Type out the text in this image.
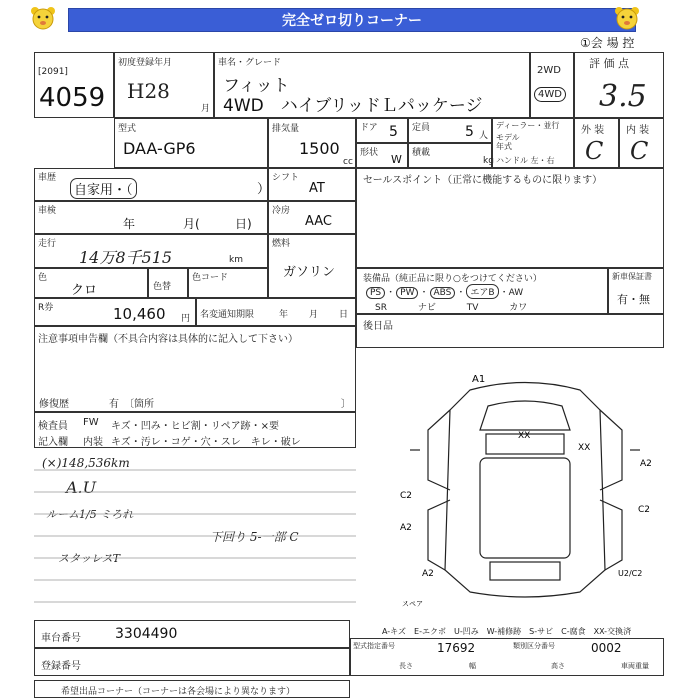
完全ゼロ切りコーナー
①会 場 控
[2091]
4059
初度登録年月
H28
月
車名・グレード
フィット
4WD　ハイブリッドＬパッケージ
2WD
4WD
評 価 点
3.5
型式
DAA-GP6
排気量
1500
cc
ドア 5 定員 5 人
形状 W 積載
kg
ディーラー・並行
モデル年式
ハンドル 左・右
外 装
C
内 装
C
車歴
自家用・（	）
シフト
AT
セールスポイント（正常に機能するものに限ります）
車検
年	月(	日)
冷房
AAC
走行
14万8千515	km
燃料
ガソリン
色
クロ	色替
色コード	装備品（純正品に限り○をつけてください）
PS ・ PW ・ ABS ・ エアB ・AW
SR	ナビ	TV	カワ
新車保証書
有・無
R券	10,460 円 名変通知期限	年 月 日
後日品
注意事項申告欄（不具合内容は具体的に記入して下さい）
修復歴	有　〔箇所	〕
検査員 FW キズ・凹み・ヒビ割・リペア跡・×要
記入欄 内装 キズ・汚レ・コゲ・穴・スレ　キレ・破レ
(×)148,536km
A.U
ルーム1/5 ミろれ
下回り 5-一部 C
スタッレスT
A1
XX
XX
A2
C2
C2
A2
A2	U2/C2
スペア
A-キズ　E-エクボ　U-凹み　W-補修跡　S-サビ　C-腐食　XX-交換済
車台番号 3304490
登録番号
型式指定番号	17692	類別区分番号	0002
長さ	幅	高さ	車両重量
希望出品コーナー（コーナーは各会場により異なります）
